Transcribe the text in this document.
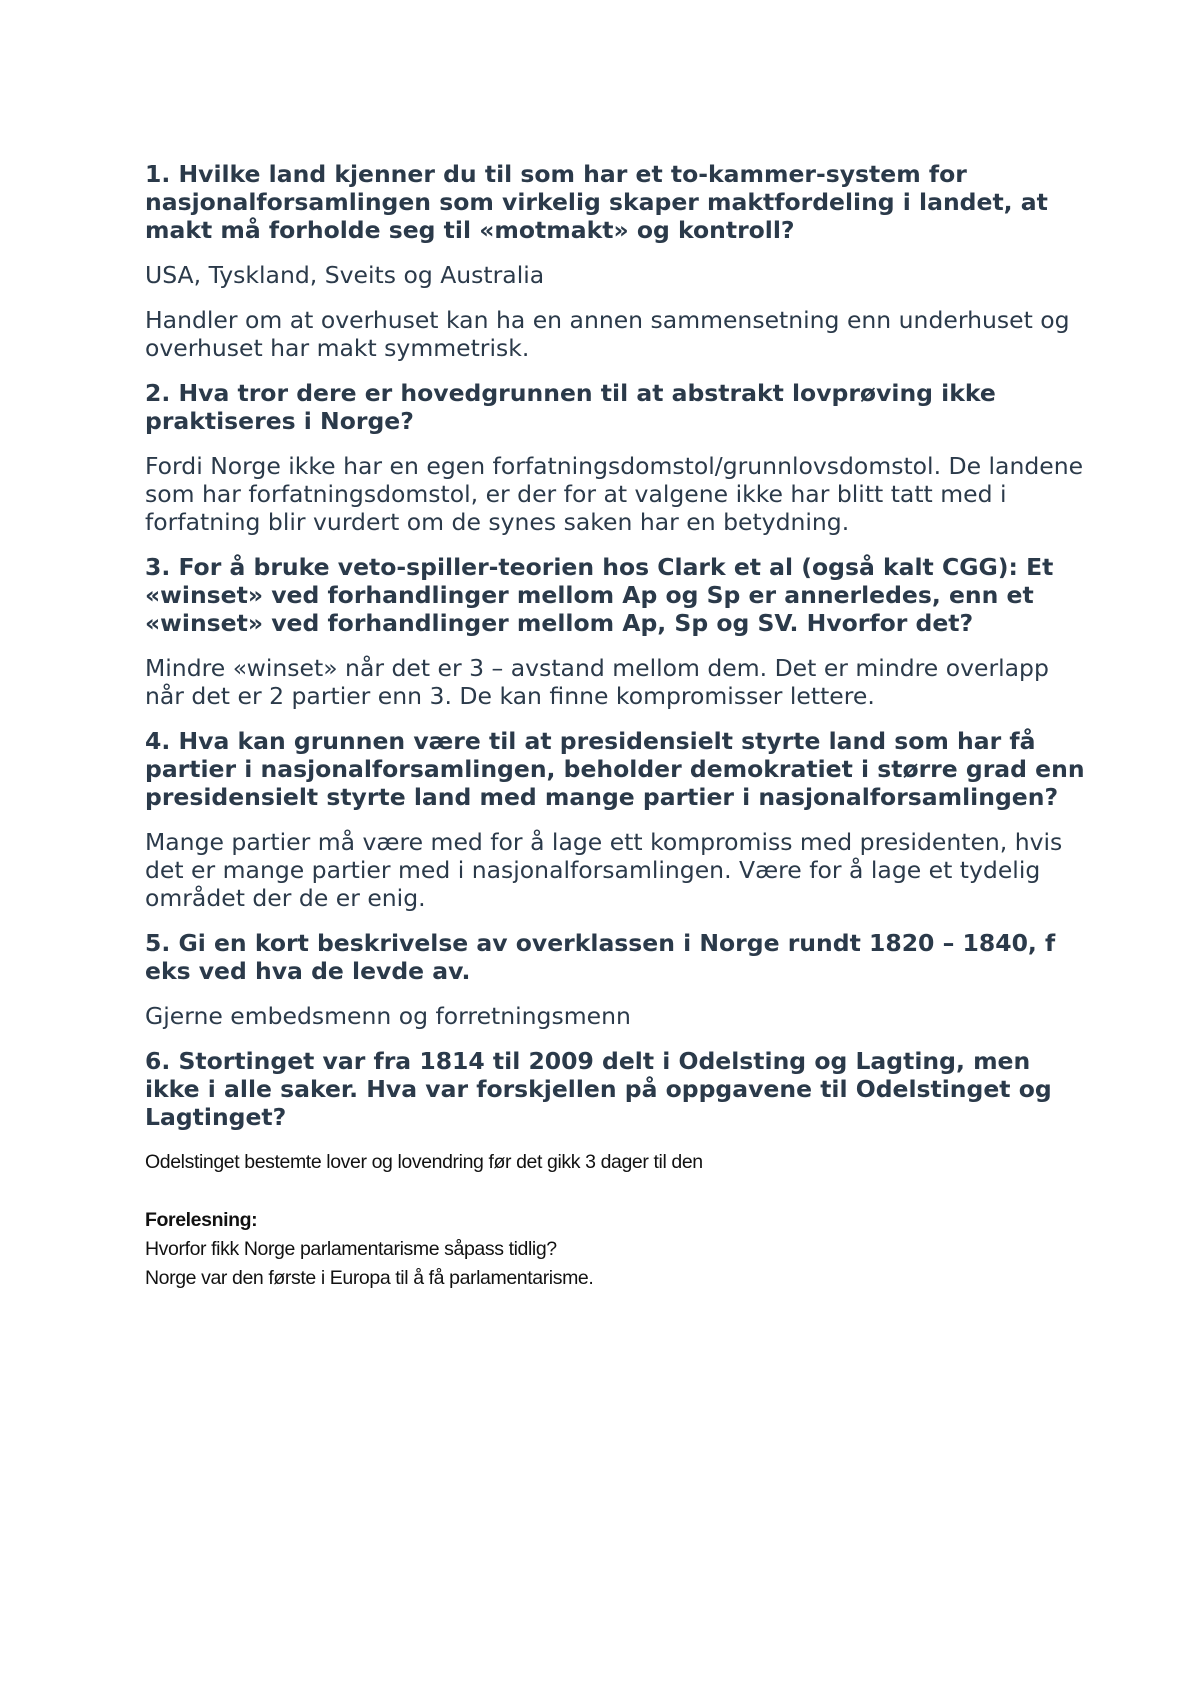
1. Hvilke land kjenner du til som har et to-kammer-system for nasjonalforsamlingen som virkelig skaper maktfordeling i landet, at makt må forholde seg til «motmakt» og kontroll?

USA, Tyskland, Sveits og Australia

Handler om at overhuset kan ha en annen sammensetning enn underhuset og overhuset har makt symmetrisk.

2. Hva tror dere er hovedgrunnen til at abstrakt lovprøving ikke praktiseres i Norge?

Fordi Norge ikke har en egen forfatningsdomstol/grunnlovsdomstol. De landene som har forfatningsdomstol, er der for at valgene ikke har blitt tatt med i forfatning blir vurdert om de synes saken har en betydning.

3. For å bruke veto-spiller-teorien hos Clark et al (også kalt CGG): Et «winset» ved forhandlinger mellom Ap og Sp er annerledes, enn et «winset» ved forhandlinger mellom Ap, Sp og SV. Hvorfor det?

Mindre «winset» når det er 3 – avstand mellom dem. Det er mindre overlapp når det er 2 partier enn 3. De kan finne kompromisser lettere.

4. Hva kan grunnen være til at presidensielt styrte land som har få partier i nasjonalforsamlingen, beholder demokratiet i større grad enn presidensielt styrte land med mange partier i nasjonalforsamlingen?

Mange partier må være med for å lage ett kompromiss med presidenten, hvis det er mange partier med i nasjonalforsamlingen. Være for å lage et tydelig området der de er enig.

5. Gi en kort beskrivelse av overklassen i Norge rundt 1820 – 1840, f eks ved hva de levde av.

Gjerne embedsmenn og forretningsmenn

6. Stortinget var fra 1814 til 2009 delt i Odelsting og Lagting, men ikke i alle saker. Hva var forskjellen på oppgavene til Odelstinget og Lagtinget?

Odelstinget bestemte lover og lovendring før det gikk 3 dager til den

Forelesning:

Hvorfor fikk Norge parlamentarisme såpass tidlig?

Norge var den første i Europa til å få parlamentarisme.
